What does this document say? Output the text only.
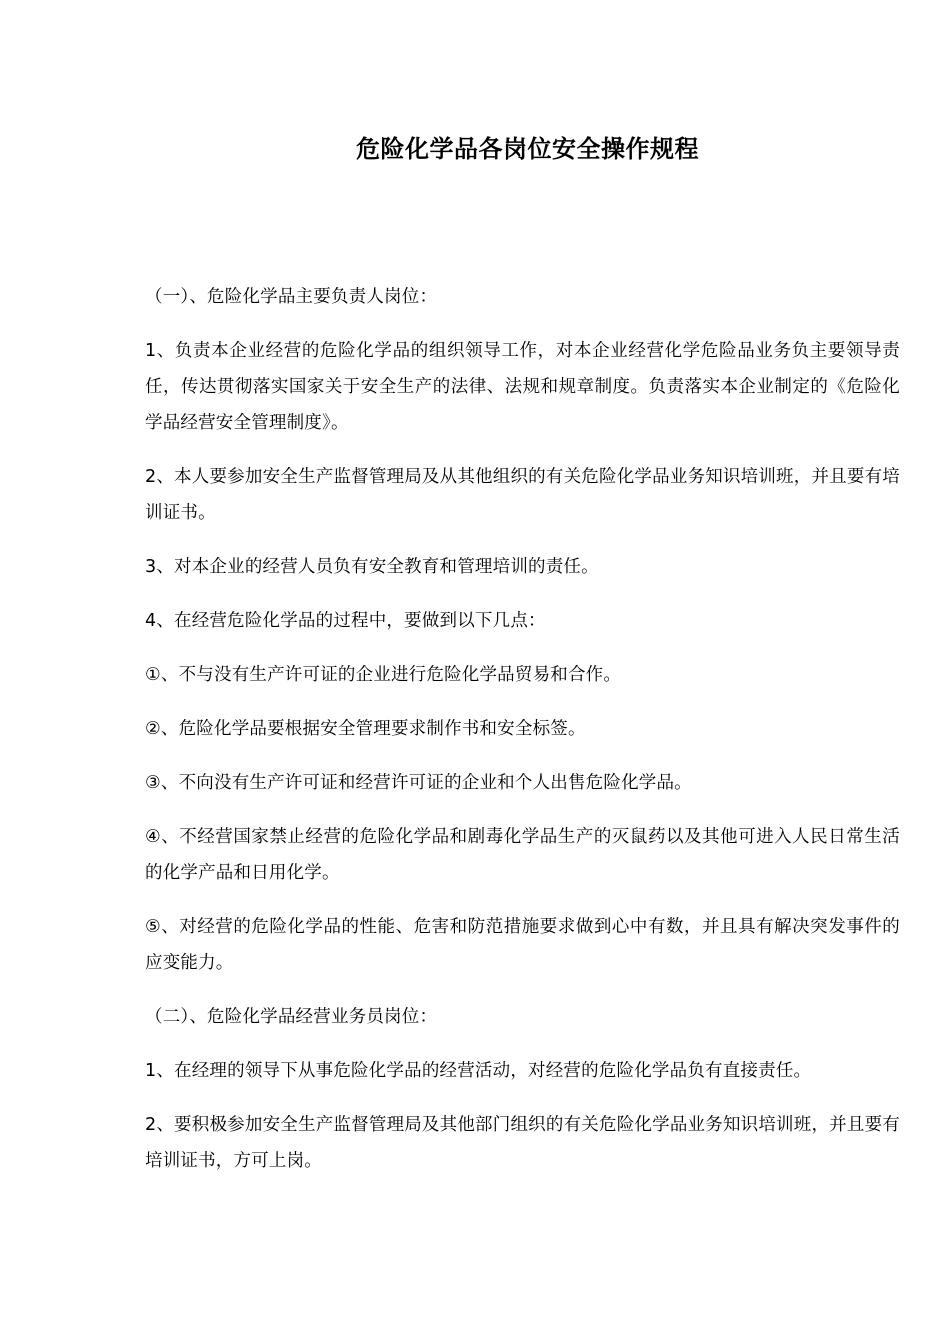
危险化学品各岗位安全操作规程

（一）、危险化学品主要负责人岗位：

1、负责本企业经营的危险化学品的组织领导工作，对本企业经营化学危险品业务负主要领导责任，传达贯彻落实国家关于安全生产的法律、法规和规章制度。负责落实本企业制定的《危险化学品经营安全管理制度》。

2、本人要参加安全生产监督管理局及从其他组织的有关危险化学品业务知识培训班，并且要有培训证书。

3、对本企业的经营人员负有安全教育和管理培训的责任。

4、在经营危险化学品的过程中，要做到以下几点：

①、不与没有生产许可证的企业进行危险化学品贸易和合作。

②、危险化学品要根据安全管理要求制作书和安全标签。

③、不向没有生产许可证和经营许可证的企业和个人出售危险化学品。

④、不经营国家禁止经营的危险化学品和剧毒化学品生产的灭鼠药以及其他可进入人民日常生活的化学产品和日用化学。

⑤、对经营的危险化学品的性能、危害和防范措施要求做到心中有数，并且具有解决突发事件的应变能力。

（二）、危险化学品经营业务员岗位：

1、在经理的领导下从事危险化学品的经营活动，对经营的危险化学品负有直接责任。

2、要积极参加安全生产监督管理局及其他部门组织的有关危险化学品业务知识培训班，并且要有培训证书，方可上岗。
